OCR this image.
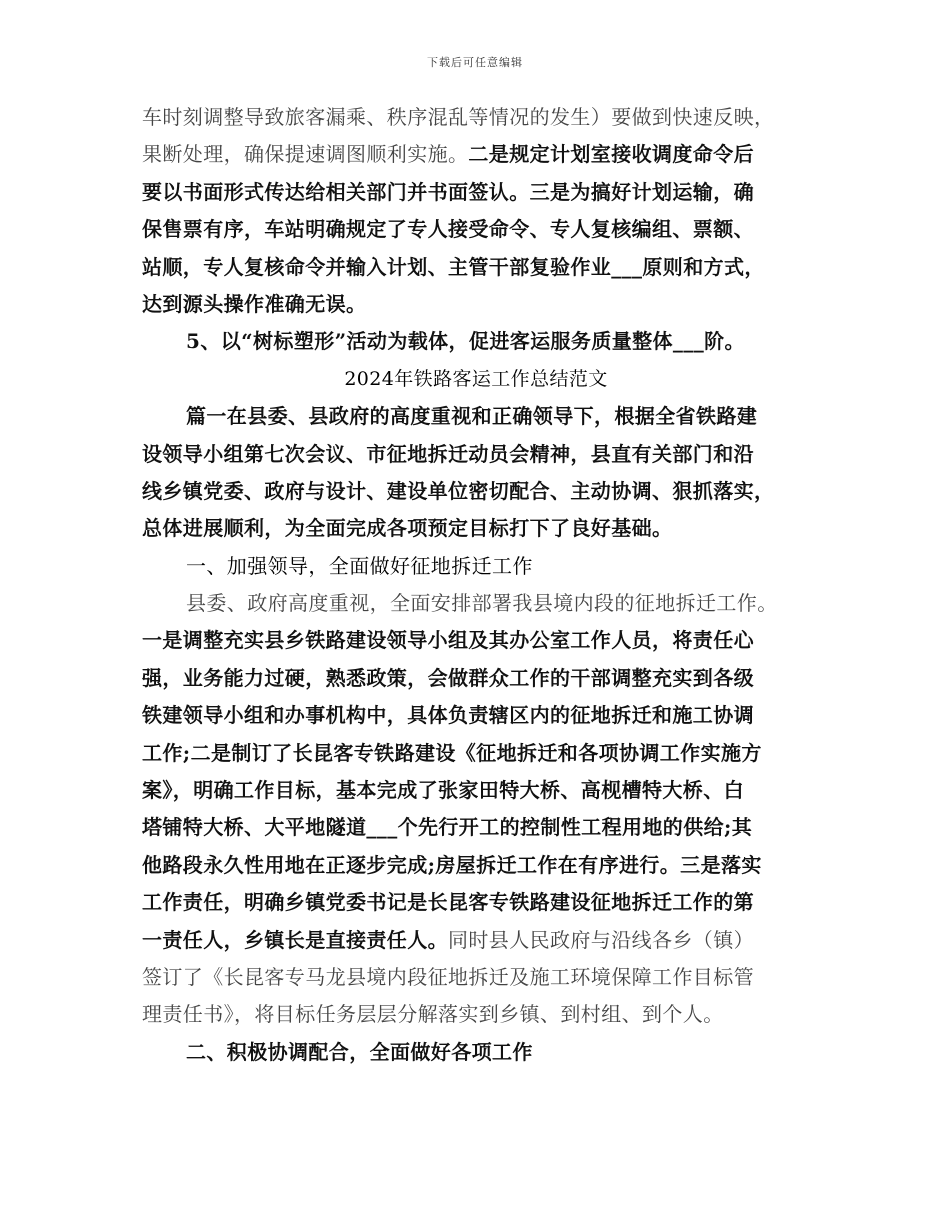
下载后可任意编辑
车时刻调整导致旅客漏乘、秩序混乱等情况的发生）要做到快速反映，
果断处理，确保提速调图顺利实施。二是规定计划室接收调度命令后
要以书面形式传达给相关部门并书面签认。三是为搞好计划运输，确
保售票有序，车站明确规定了专人接受命令、专人复核编组、票额、
站顺，专人复核命令并输入计划、主管干部复验作业___原则和方式，
达到源头操作准确无误。
5、以“树标塑形”活动为载体，促进客运服务质量整体___阶。
2024年铁路客运工作总结范文
篇一在县委、县政府的高度重视和正确领导下，根据全省铁路建
设领导小组第七次会议、市征地拆迁动员会精神，县直有关部门和沿
线乡镇党委、政府与设计、建设单位密切配合、主动协调、狠抓落实，
总体进展顺利，为全面完成各项预定目标打下了良好基础。
一、加强领导，全面做好征地拆迁工作
县委、政府高度重视，全面安排部署我县境内段的征地拆迁工作。
一是调整充实县乡铁路建设领导小组及其办公室工作人员，将责任心
强，业务能力过硬，熟悉政策，会做群众工作的干部调整充实到各级
铁建领导小组和办事机构中，具体负责辖区内的征地拆迁和施工协调
工作;二是制订了长昆客专铁路建设《征地拆迁和各项协调工作实施方
案》，明确工作目标，基本完成了张家田特大桥、高枧槽特大桥、白
塔铺特大桥、大平地隧道___个先行开工的控制性工程用地的供给;其
他路段永久性用地在正逐步完成;房屋拆迁工作在有序进行。三是落实
工作责任，明确乡镇党委书记是长昆客专铁路建设征地拆迁工作的第
一责任人，乡镇长是直接责任人。同时县人民政府与沿线各乡（镇）
签订了《长昆客专马龙县境内段征地拆迁及施工环境保障工作目标管
理责任书》，将目标任务层层分解落实到乡镇、到村组、到个人。
二、积极协调配合，全面做好各项工作
